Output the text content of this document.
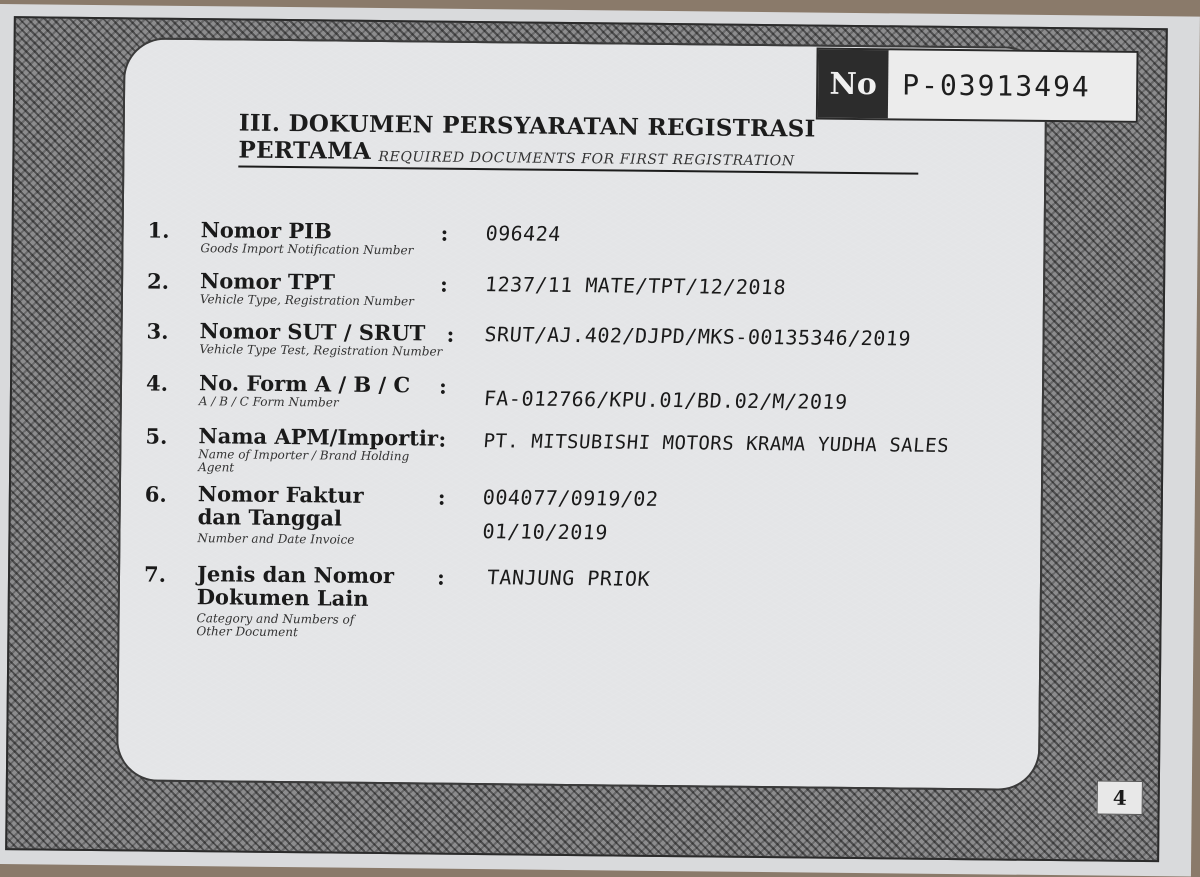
No P-03913494
III. DOKUMEN PERSYARATAN REGISTRASI PERTAMA REQUIRED DOCUMENTS FOR FIRST REGISTRATION
1.	Nomor PIB
Goods Import Notification Number
: 096424
2.	Nomor TPT
Vehicle Type, Registration Number
: 1237/11 MATE/TPT/12/2018
3.	Nomor SUT / SRUT
Vehicle Type Test, Registration Number
: SRUT/AJ.402/DJPD/MKS-00135346/2019
4.	No. Form A / B / C
A / B / C Form Number
: FA-012766/KPU.01/BD.02/M/2019
5.	Nama APM/Importir
Name of Importer / Brand Holding Agent
: PT. MITSUBISHI MOTORS KRAMA YUDHA SALES
6.	Nomor Faktur dan Tanggal
Number and Date Invoice
: 004077/0919/02
01/10/2019
7.	Jenis dan Nomor Dokumen Lain
Category and Numbers of Other Document
: TANJUNG PRIOK
4
